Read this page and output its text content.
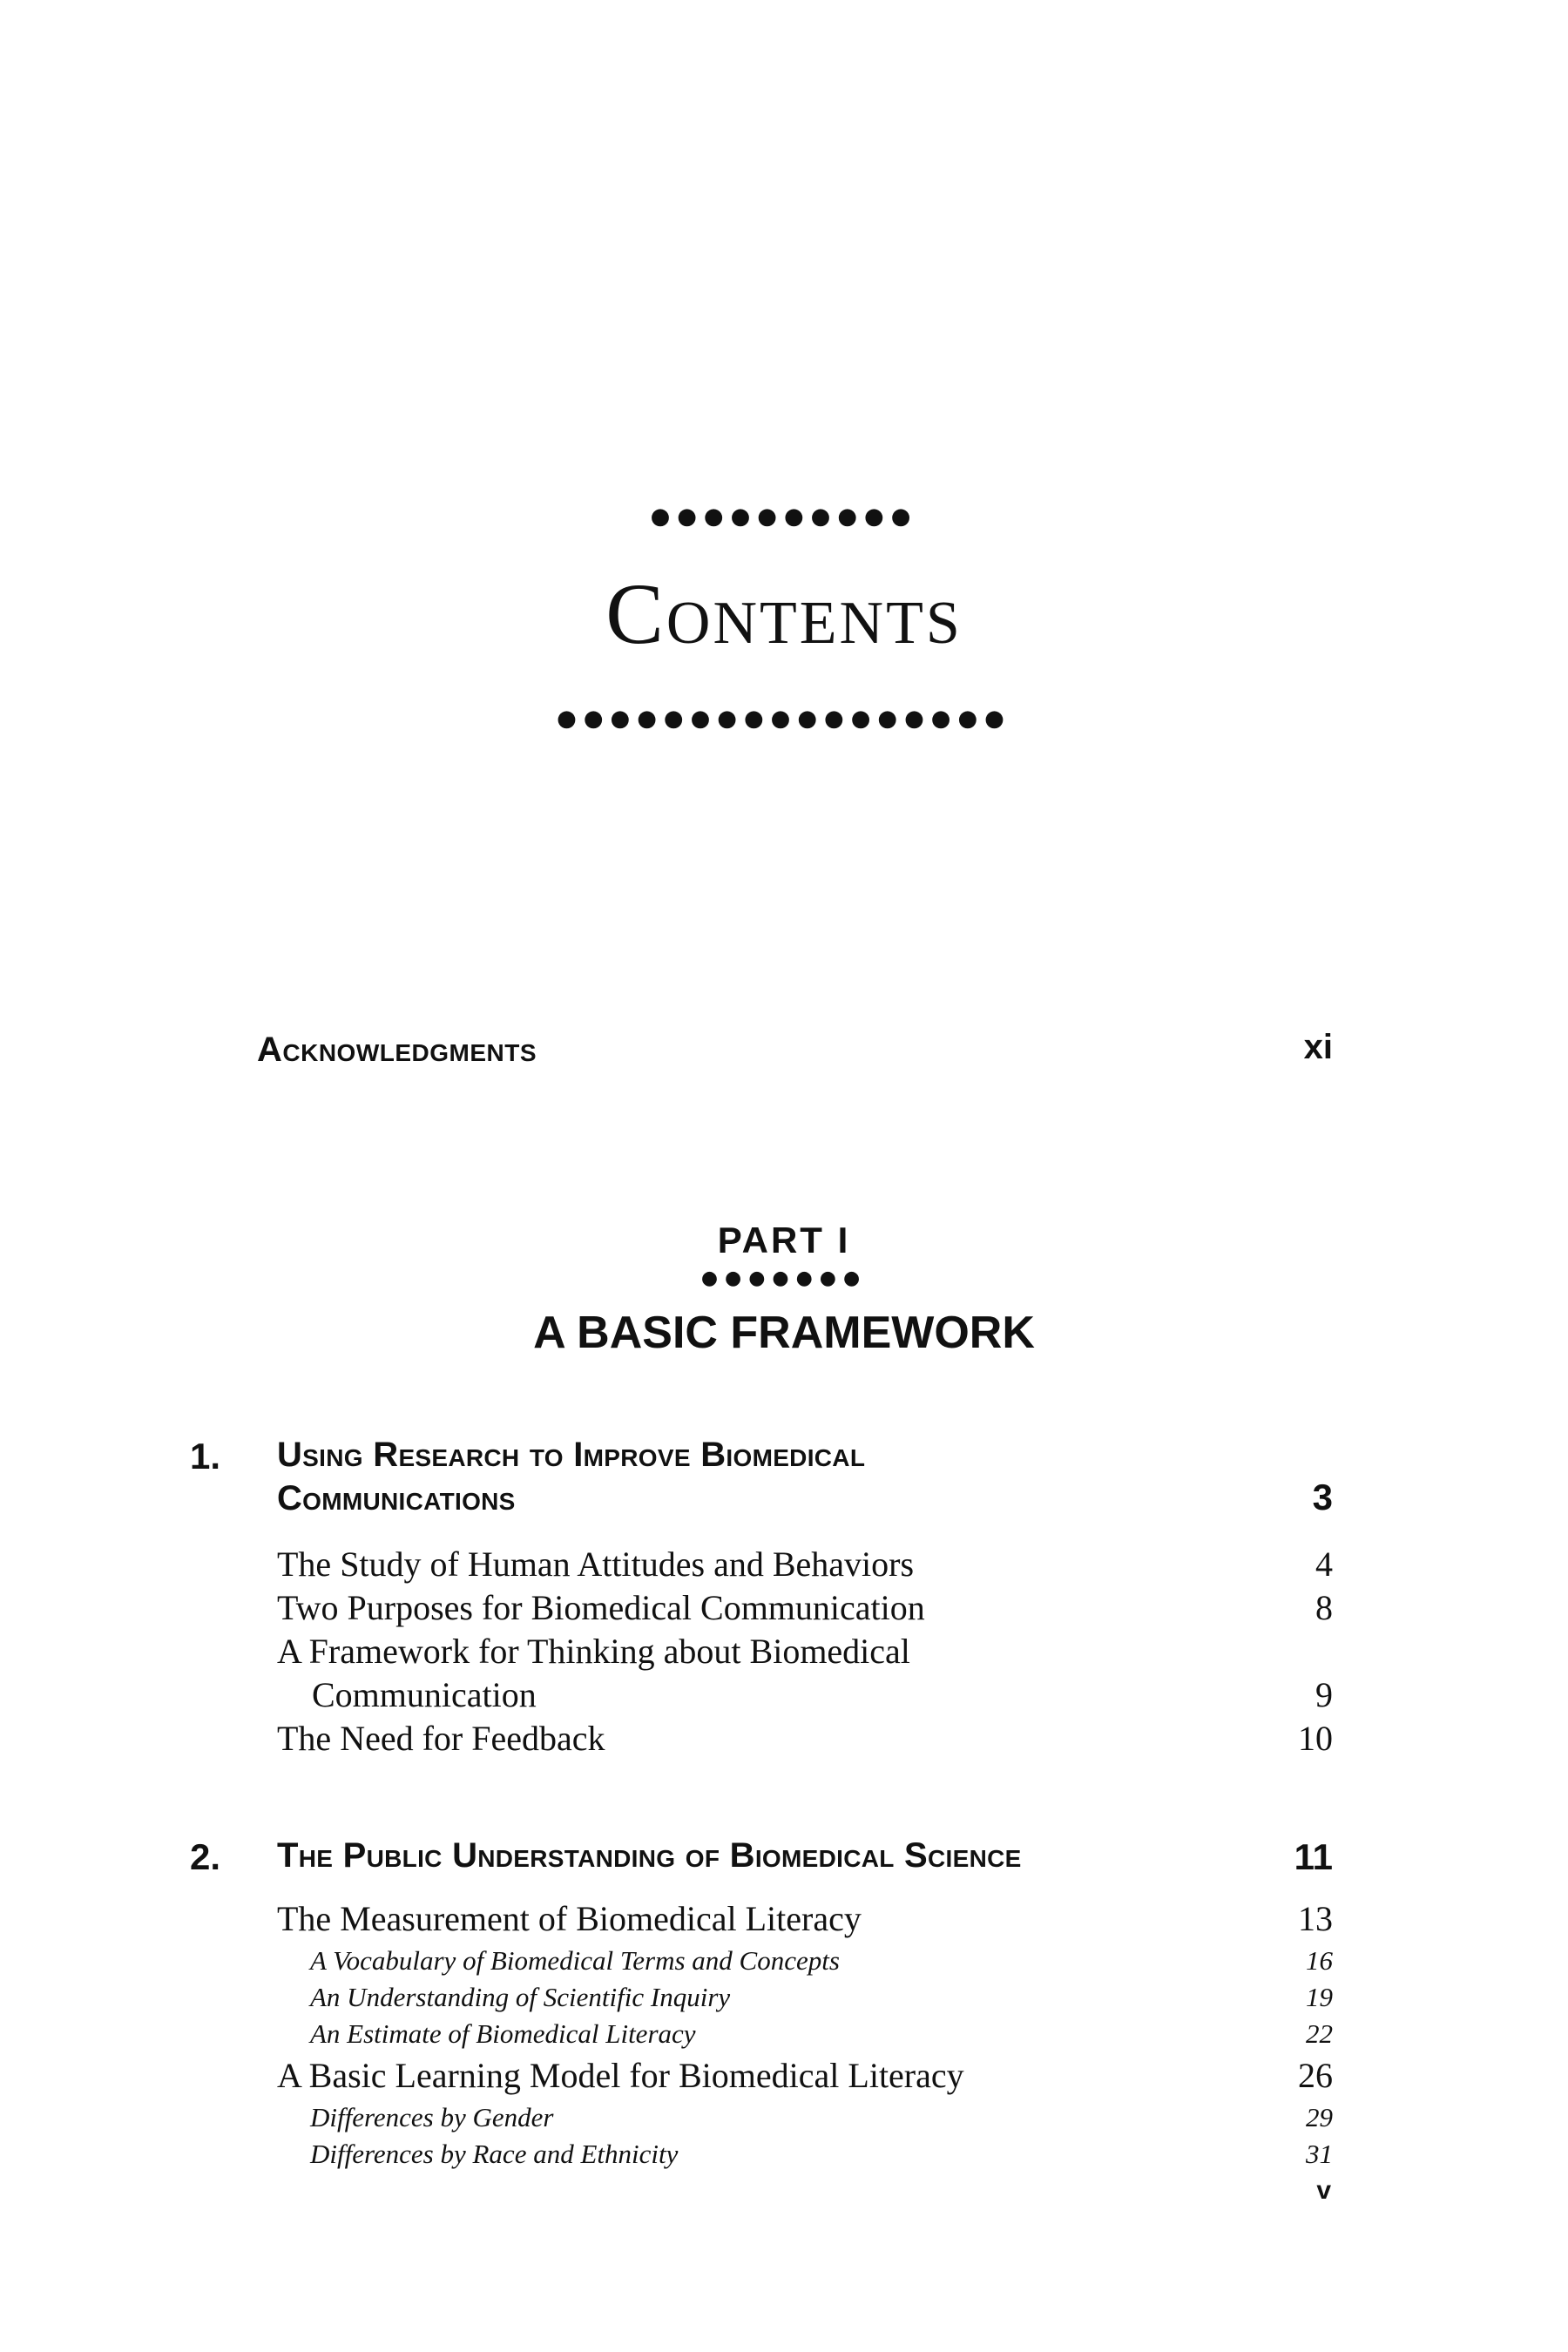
●●●●●●●●●●
Contents
●●●●●●●●●●●●●●●●●
Acknowledgments	xi
PART I
●●●●●●●
A BASIC FRAMEWORK
1. Using Research to Improve Biomedical
Communications	3
The Study of Human Attitudes and Behaviors	4
Two Purposes for Biomedical Communication	8
A Framework for Thinking about Biomedical
Communication	9
The Need for Feedback	10
2. The Public Understanding of Biomedical Science	11
The Measurement of Biomedical Literacy	13
A Vocabulary of Biomedical Terms and Concepts	16
An Understanding of Scientific Inquiry	19
An Estimate of Biomedical Literacy	22
A Basic Learning Model for Biomedical Literacy	26
Differences by Gender	29
Differences by Race and Ethnicity	31
v
